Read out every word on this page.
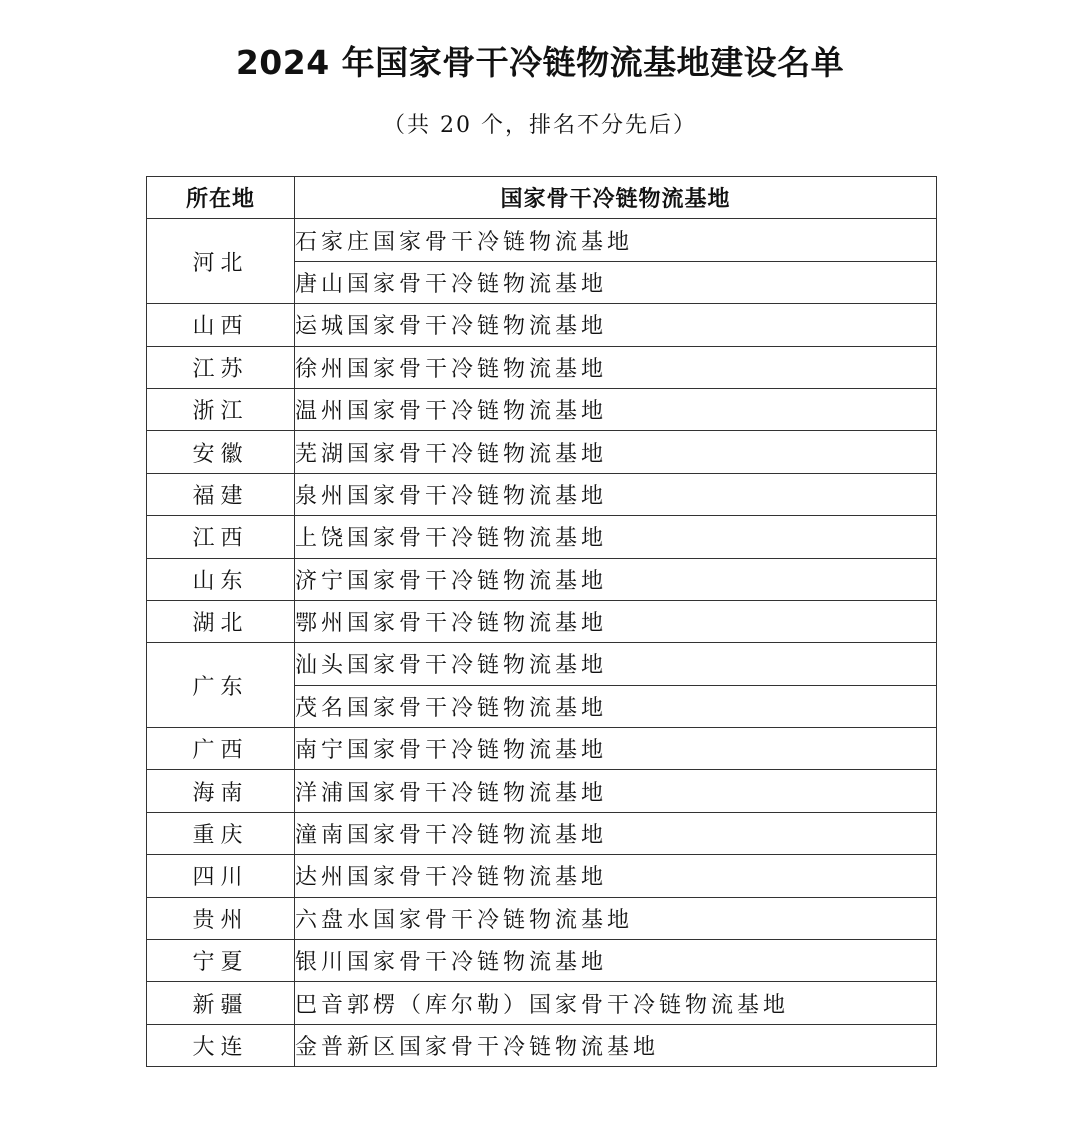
2024 年国家骨干冷链物流基地建设名单
（共 20 个，排名不分先后）
所在地	国家骨干冷链物流基地
河北	石家庄国家骨干冷链物流基地
	唐山国家骨干冷链物流基地
山西	运城国家骨干冷链物流基地
江苏	徐州国家骨干冷链物流基地
浙江	温州国家骨干冷链物流基地
安徽	芜湖国家骨干冷链物流基地
福建	泉州国家骨干冷链物流基地
江西	上饶国家骨干冷链物流基地
山东	济宁国家骨干冷链物流基地
湖北	鄂州国家骨干冷链物流基地
广东	汕头国家骨干冷链物流基地
	茂名国家骨干冷链物流基地
广西	南宁国家骨干冷链物流基地
海南	洋浦国家骨干冷链物流基地
重庆	潼南国家骨干冷链物流基地
四川	达州国家骨干冷链物流基地
贵州	六盘水国家骨干冷链物流基地
宁夏	银川国家骨干冷链物流基地
新疆	巴音郭楞（库尔勒）国家骨干冷链物流基地
大连	金普新区国家骨干冷链物流基地
